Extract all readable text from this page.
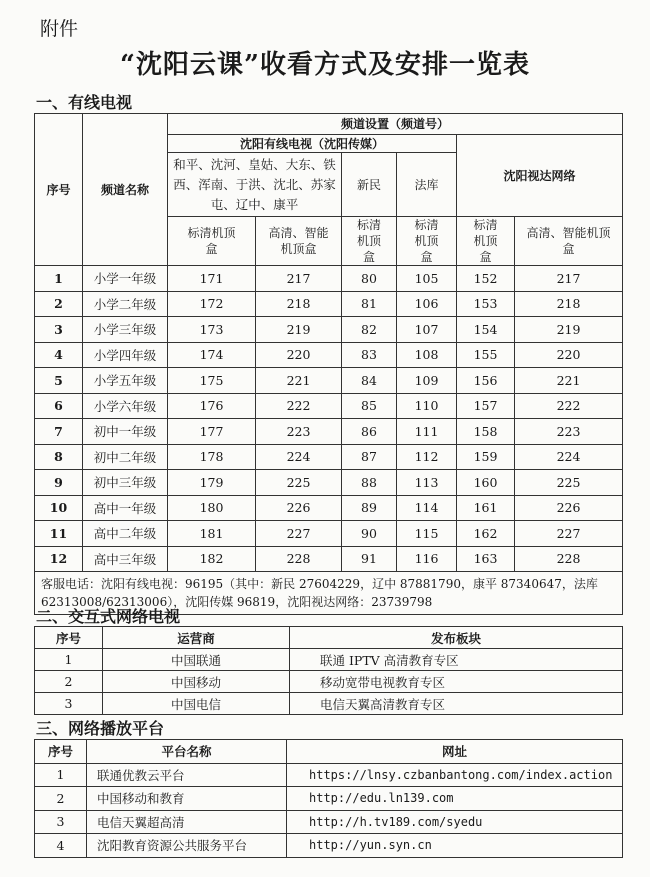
附件
“沈阳云课”收看方式及安排一览表
一、有线电视
序号	频道名称	频道设置（频道号）					
		沈阳有线电视（沈阳传媒）				沈阳视达网络	
		和平、沈河、皇姑、大东、铁西、浑南、于洪、沈北、苏家屯、辽中、康平		新民	法库		
		标清机顶盒	高清、智能机顶盒	标清机顶盒	标清机顶盒	标清机顶盒	高清、智能机顶盒
1	小学一年级	171	217	80	105	152	217
2	小学二年级	172	218	81	106	153	218
3	小学三年级	173	219	82	107	154	219
4	小学四年级	174	220	83	108	155	220
5	小学五年级	175	221	84	109	156	221
6	小学六年级	176	222	85	110	157	222
7	初中一年级	177	223	86	111	158	223
8	初中二年级	178	224	87	112	159	224
9	初中三年级	179	225	88	113	160	225
10	高中一年级	180	226	89	114	161	226
11	高中二年级	181	227	90	115	162	227
12	高中三年级	182	228	91	116	163	228
客服电话：沈阳有线电视：96195（其中：新民 27604229，辽中 87881790，康平 87340647，法库 62313008/62313006），沈阳传媒 96819，沈阳视达网络：23739798							
二、交互式网络电视
序号	运营商	发布板块
1	中国联通	联通 IPTV 高清教育专区
2	中国移动	移动宽带电视教育专区
3	中国电信	电信天翼高清教育专区
三、网络播放平台
序号	平台名称	网址
1	联通优教云平台	https://lnsy.czbanbantong.com/index.action
2	中国移动和教育	http://edu.ln139.com
3	电信天翼超高清	http://h.tv189.com/syedu
4	沈阳教育资源公共服务平台	http://yun.syn.cn
